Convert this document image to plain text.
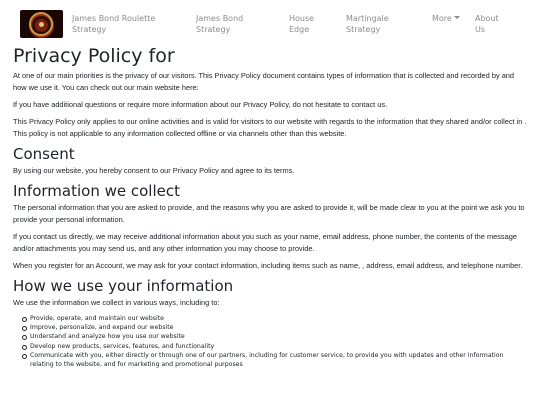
James Bond Roulette Strategy
James Bond Strategy
House Edge
Martingale Strategy
More	About Us
Privacy Policy for

At one of our main priorities is the privacy of our visitors. This Privacy Policy document contains types of information that is collected and recorded by and how we use it. You can check out our main website here:

If you have additional questions or require more information about our Privacy Policy, do not hesitate to contact us.

This Privacy Policy only applies to our online activities and is valid for visitors to our website with regards to the information that they shared and/or collect in . This policy is not applicable to any information collected offline or via channels other than this website.

Consent

By using our website, you hereby consent to our Privacy Policy and agree to its terms.

Information we collect

The personal information that you are asked to provide, and the reasons why you are asked to provide it, will be made clear to you at the point we ask you to provide your personal information.

If you contact us directly, we may receive additional information about you such as your name, email address, phone number, the contents of the message and/or attachments you may send us, and any other information you may choose to provide.

When you register for an Account, we may ask for your contact information, including items such as name, , address, email address, and telephone number.

How we use your information

We use the information we collect in various ways, including to:

Provide, operate, and maintain our website
Improve, personalize, and expand our website
Understand and analyze how you use our website
Develop new products, services, features, and functionality
Communicate with you, either directly or through one of our partners, including for customer service, to provide you with updates and other information relating to the website, and for marketing and promotional purposes
